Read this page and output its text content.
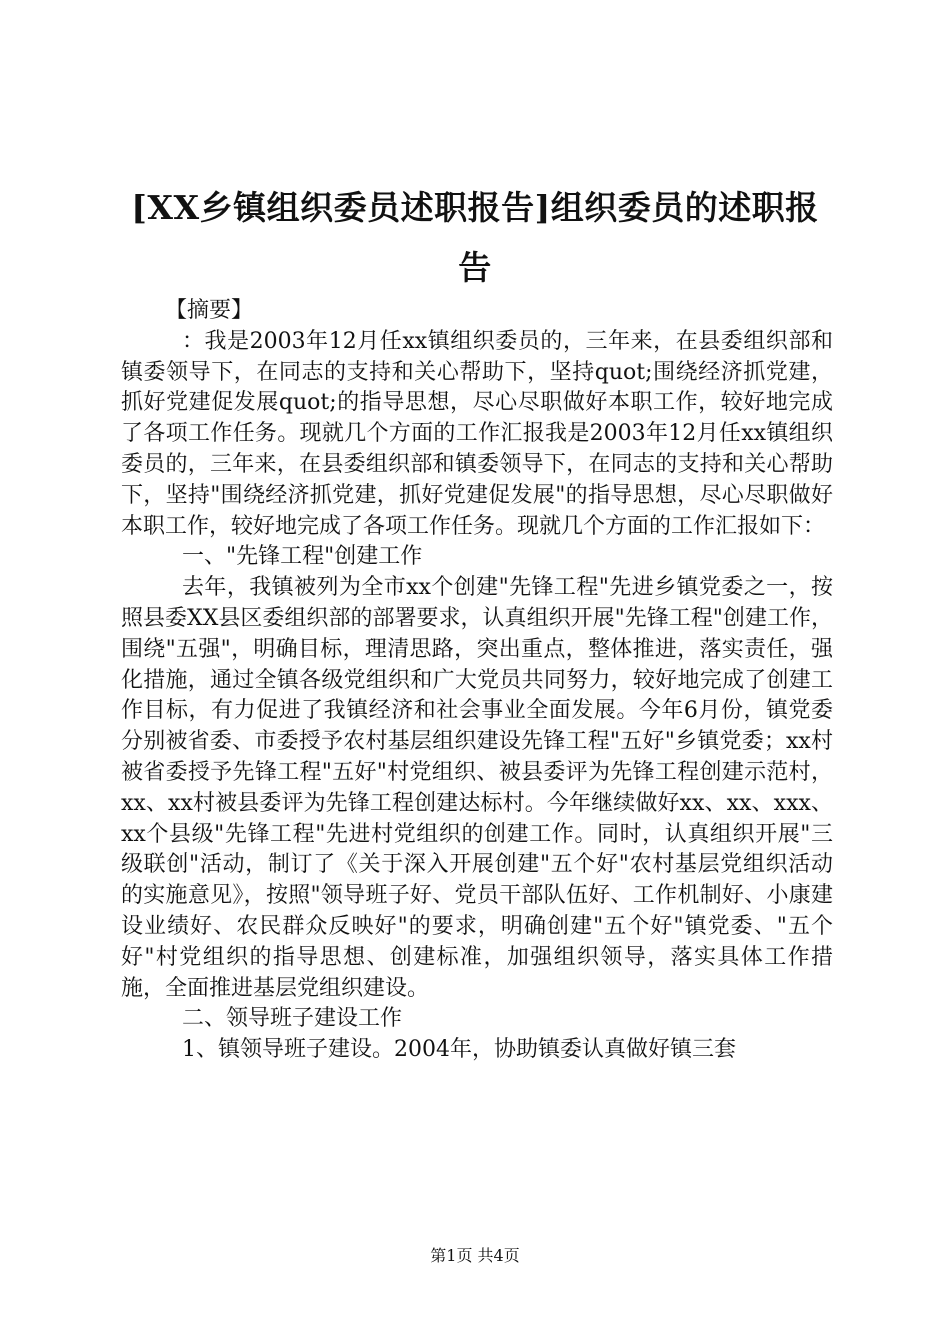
[XX乡镇组织委员述职报告]组织委员的述职报告

【摘要】

：我是2003年12月任xx镇组织委员的，三年来，在县委组织部和镇委领导下，在同志的支持和关心帮助下，坚持quot;围绕经济抓党建，抓好党建促发展quot;的指导思想，尽心尽职做好本职工作，较好地完成了各项工作任务。现就几个方面的工作汇报我是2003年12月任xx镇组织委员的，三年来，在县委组织部和镇委领导下，在同志的支持和关心帮助下，坚持"围绕经济抓党建，抓好党建促发展"的指导思想，尽心尽职做好本职工作，较好地完成了各项工作任务。现就几个方面的工作汇报如下：

一、"先锋工程"创建工作

去年，我镇被列为全市xx个创建"先锋工程"先进乡镇党委之一，按照县委XX县区委组织部的部署要求，认真组织开展"先锋工程"创建工作，围绕"五强"，明确目标，理清思路，突出重点，整体推进，落实责任，强化措施，通过全镇各级党组织和广大党员共同努力，较好地完成了创建工作目标，有力促进了我镇经济和社会事业全面发展。今年6月份，镇党委分别被省委、市委授予农村基层组织建设先锋工程"五好"乡镇党委；xx村被省委授予先锋工程"五好"村党组织、被县委评为先锋工程创建示范村，xx、xx村被县委评为先锋工程创建达标村。今年继续做好xx、xx、xxx、xx个县级"先锋工程"先进村党组织的创建工作。同时，认真组织开展"三级联创"活动，制订了《关于深入开展创建"五个好"农村基层党组织活动的实施意见》，按照"领导班子好、党员干部队伍好、工作机制好、小康建设业绩好、农民群众反映好"的要求，明确创建"五个好"镇党委、"五个好"村党组织的指导思想、创建标准，加强组织领导，落实具体工作措施，全面推进基层党组织建设。

二、领导班子建设工作

1、镇领导班子建设。2004年，协助镇委认真做好镇三套

第1页 共4页
